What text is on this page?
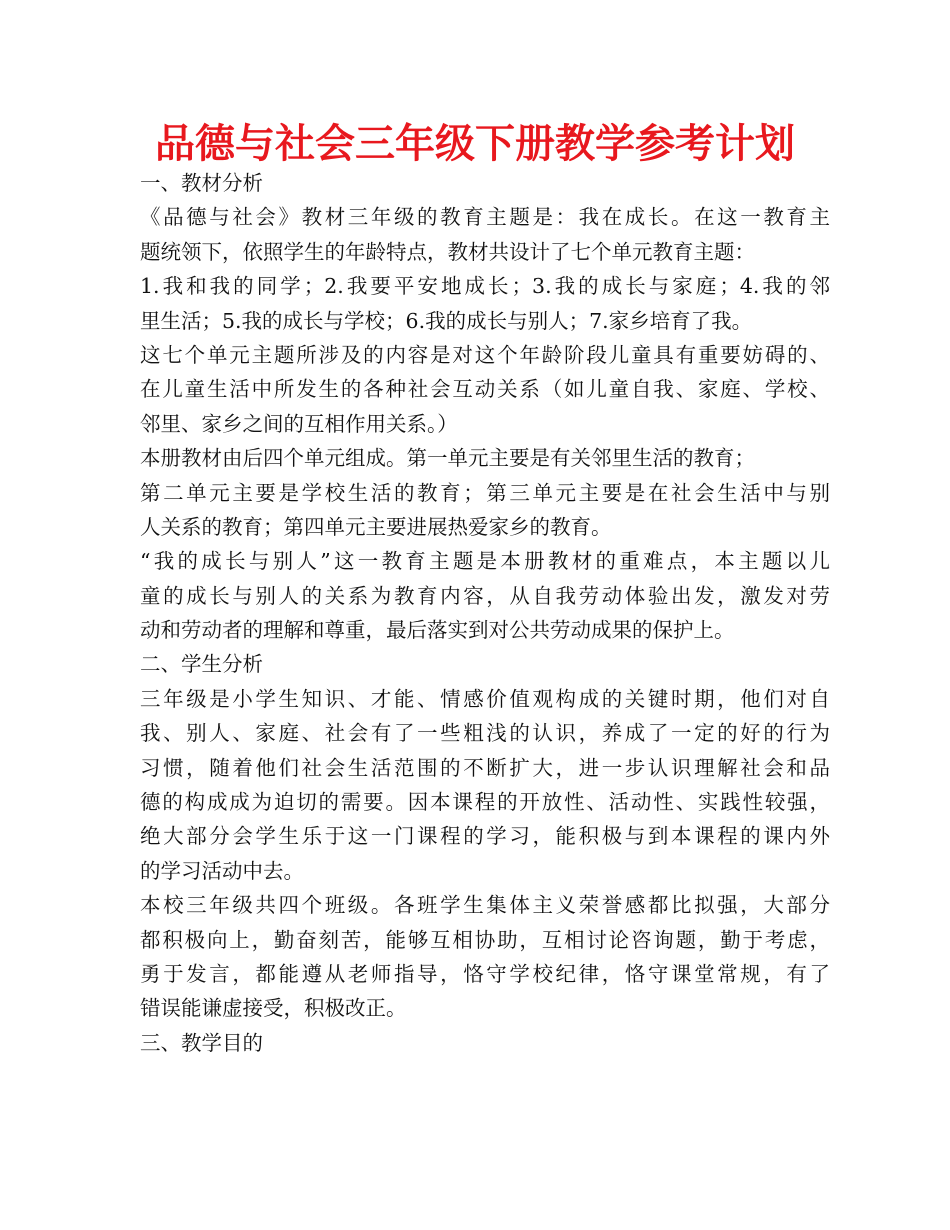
品德与社会三年级下册教学参考计划
一、教材分析
《品德与社会》教材三年级的教育主题是：我在成长。在这一教育主
题统领下，依照学生的年龄特点，教材共设计了七个单元教育主题：
1.我和我的同学；2.我要平安地成长；3.我的成长与家庭；4.我的邻
里生活；5.我的成长与学校；6.我的成长与别人；7.家乡培育了我。
这七个单元主题所涉及的内容是对这个年龄阶段儿童具有重要妨碍的、
在儿童生活中所发生的各种社会互动关系（如儿童自我、家庭、学校、
邻里、家乡之间的互相作用关系。）
本册教材由后四个单元组成。第一单元主要是有关邻里生活的教育；
第二单元主要是学校生活的教育；第三单元主要是在社会生活中与别
人关系的教育；第四单元主要进展热爱家乡的教育。
“我的成长与别人”这一教育主题是本册教材的重难点，本主题以儿
童的成长与别人的关系为教育内容，从自我劳动体验出发，激发对劳
动和劳动者的理解和尊重，最后落实到对公共劳动成果的保护上。
二、学生分析
三年级是小学生知识、才能、情感价值观构成的关键时期，他们对自
我、别人、家庭、社会有了一些粗浅的认识，养成了一定的好的行为
习惯，随着他们社会生活范围的不断扩大，进一步认识理解社会和品
德的构成成为迫切的需要。因本课程的开放性、活动性、实践性较强，
绝大部分会学生乐于这一门课程的学习，能积极与到本课程的课内外
的学习活动中去。
本校三年级共四个班级。各班学生集体主义荣誉感都比拟强，大部分
都积极向上，勤奋刻苦，能够互相协助，互相讨论咨询题，勤于考虑，
勇于发言，都能遵从老师指导，恪守学校纪律，恪守课堂常规，有了
错误能谦虚接受，积极改正。
三、教学目的
